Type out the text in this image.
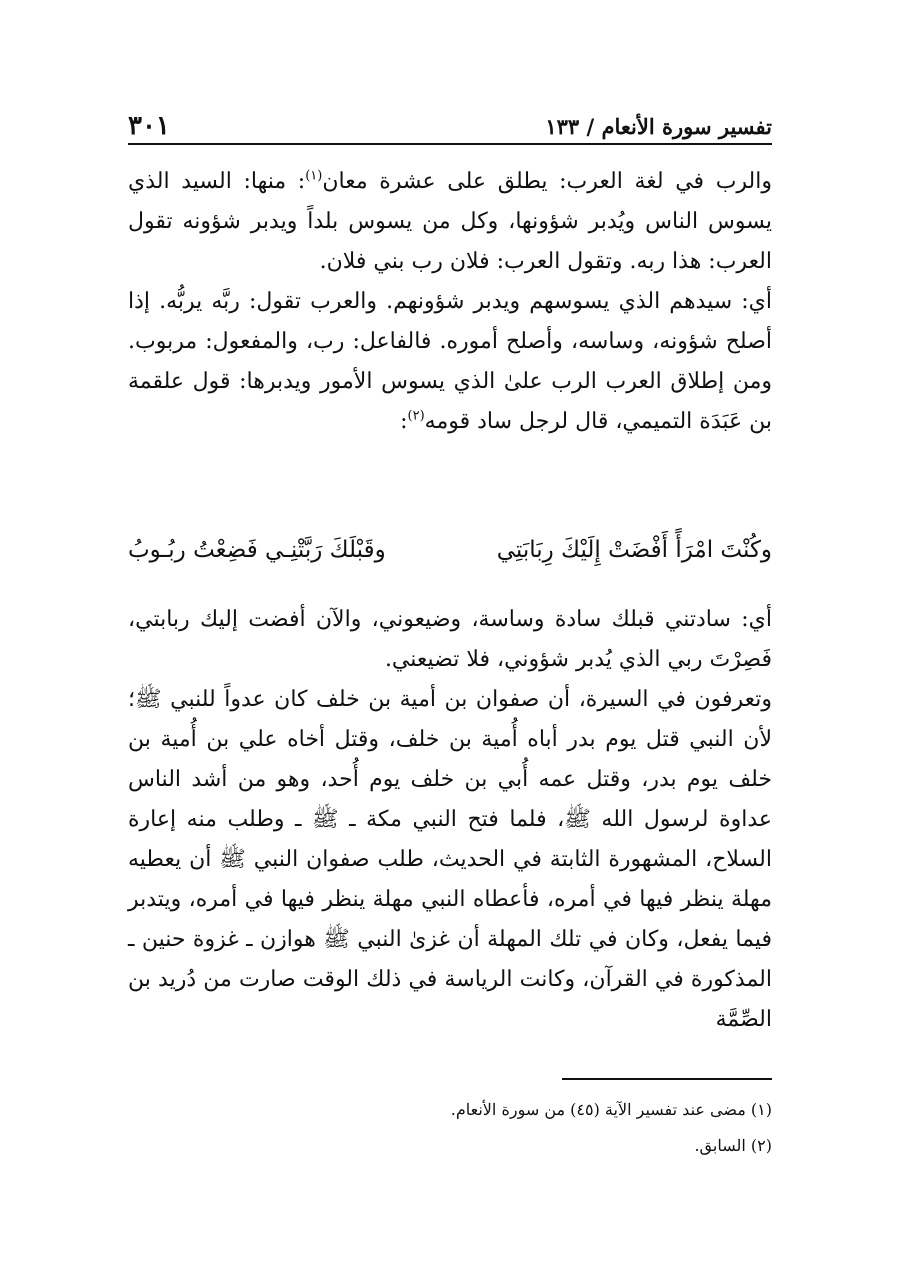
تفسير سورة الأنعام / ١٣٣
٣٠١

والرب في لغة العرب: يطلق على عشرة معان$^{(١)}$: منها: السيد الذي يسوس الناس ويُدبر شؤونها، وكل من يسوس بلداً ويدبر شؤونه تقول العرب: هذا ربه. وتقول العرب: فلان رب بني فلان.

أي: سيدهم الذي يسوسهم ويدبر شؤونهم. والعرب تقول: ربَّه يربُّه. إذا أصلح شؤونه، وساسه، وأصلح أموره. فالفاعل: رب، والمفعول: مربوب. ومن إطلاق العرب الرب علىٰ الذي يسوس الأمور ويدبرها: قول علقمة بن عَبَدَة التميمي، قال لرجل ساد قومه$^{(٢)}$:

وكُنْتَ امْرَأً أَفْضَتْ إِلَيْكَ رِبَابَتِي
وقَبْلَكَ رَبَّتْنِـي فَضِعْتُ ربُـوبُ

أي: سادتني قبلك سادة وساسة، وضيعوني، والآن أفضت إليك ربابتي، فَصِرْتَ ربي الذي يُدبر شؤوني، فلا تضيعني.

وتعرفون في السيرة، أن صفوان بن أمية بن خلف كان عدواً للنبي ﷺ؛ لأن النبي قتل يوم بدر أباه أُمية بن خلف، وقتل أخاه علي بن أُمية بن خلف يوم بدر، وقتل عمه أُبي بن خلف يوم أُحد، وهو من أشد الناس عداوة لرسول الله ﷺ، فلما فتح النبي مكة ـ ﷺ ـ وطلب منه إعارة السلاح، المشهورة الثابتة في الحديث، طلب صفوان النبي ﷺ أن يعطيه مهلة ينظر فيها في أمره، فأعطاه النبي مهلة ينظر فيها في أمره، ويتدبر فيما يفعل، وكان في تلك المهلة أن غزىٰ النبي ﷺ هوازن ـ غزوة حنين ـ المذكورة في القرآن، وكانت الرياسة في ذلك الوقت صارت من دُريد بن الصِّمَّة

(١) مضى عند تفسير الآية (٤٥) من سورة الأنعام.
(٢) السابق.
